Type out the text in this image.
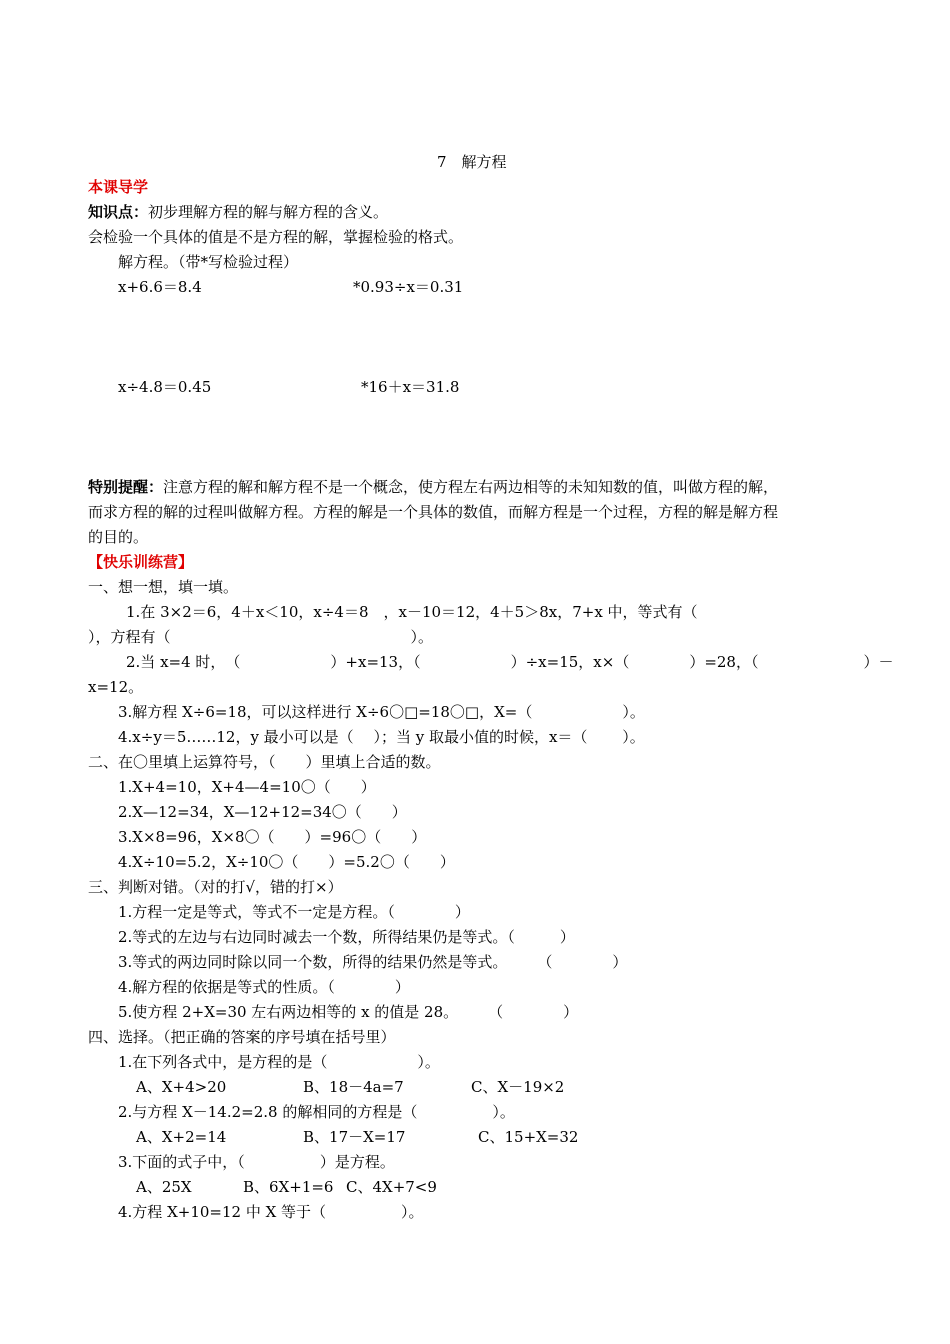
7　解方程
本课导学
知识点：初步理解方程的解与解方程的含义。
会检验一个具体的值是不是方程的解，掌握检验的格式。
解方程。（带*写检验过程）
x+6.6＝8.4	*0.93÷x＝0.31
x÷4.8＝0.45	*16＋x＝31.8
特别提醒：注意方程的解和解方程不是一个概念，使方程左右两边相等的未知知数的值，叫做方程的解，
而求方程的解的过程叫做解方程。方程的解是一个具体的数值，而解方程是一个过程，方程的解是解方程
的目的。
【快乐训练营】
一、想一想，填一填。
1.在 3×2＝6，4＋x＜10，x÷4＝8　，x－10＝12，4＋5＞8x，7+x 中，等式有（
），方程有（　　　　　　　　　　　　　　　　）。
2.当 x=4 时，　（　　　　　　）+x=13，（　　　　　　）÷x=15，x×（　　　　）=28，（　　　　　　　）－
x=12。
3.解方程 X÷6=18，可以这样进行 X÷6〇□=18〇□，X=（　　　　　　）。
4.x÷y＝5……12，y 最小可以是（　 ）；当 y 取最小值的时候，x＝（　　 ）。
二、在〇里填上运算符号，（　　）里填上合适的数。
1.X+4=10，X+4—4=10〇（　　）
2.X—12=34，X—12+12=34〇（　　）
3.X×8=96，X×8〇（　　）=96〇（　　）
4.X÷10=5.2，X÷10〇（　　）=5.2〇（　　）
三、判断对错。（对的打√，错的打×）
1.方程一定是等式，等式不一定是方程。（　　　　）
2.等式的左边与右边同时减去一个数，所得结果仍是等式。（　　　）
3.等式的两边同时除以同一个数，所得的结果仍然是等式。　　　（　　　　）
4.解方程的依据是等式的性质。（　　　　）
5.使方程 2+X=30 左右两边相等的 x 的值是 28。　　　（　　　　）
四、选择。（把正确的答案的序号填在括号里）
1.在下列各式中，是方程的是（　　　　　　）。
A、X+4>20	B、18－4a=7	C、X－19×2
2.与方程 X－14.2=2.8 的解相同的方程是（　　　　　）。
A、X+2=14	B、17－X=17	C、15+X=32
3.下面的式子中，（　　　　　）是方程。
A、25X	B、6X+1=6 C、4X+7<9
4.方程 X+10=12 中 X 等于（　　　　　）。
